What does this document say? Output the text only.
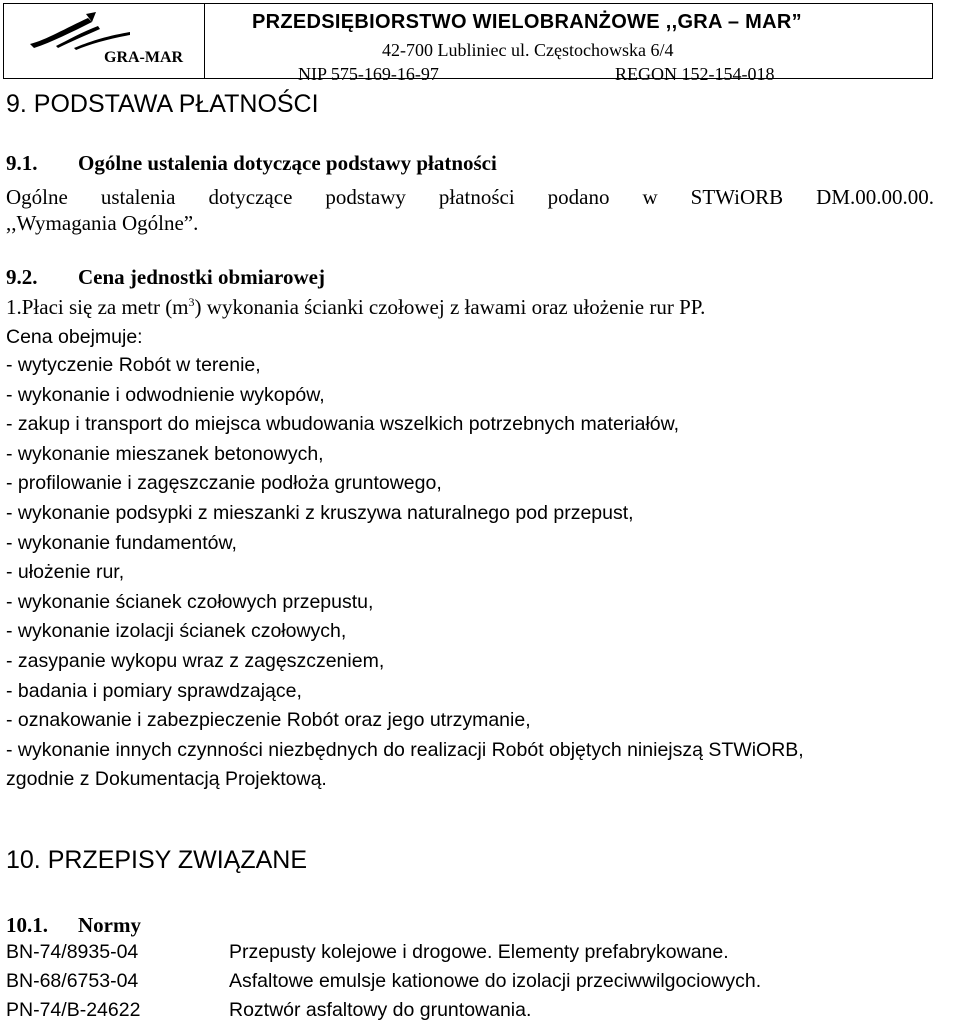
GRA-MAR
PRZEDSIĘBIORSTWO WIELOBRANŻOWE ,,GRA – MAR”
42-700 Lubliniec ul. Częstochowska 6/4
NIP 575-169-16-97	REGON 152-154-018
9. PODSTAWA PŁATNOŚCI
9.1. Ogólne ustalenia dotyczące podstawy płatności
Ogólne ustalenia dotyczące podstawy płatności podano w STWiORB DM.00.00.00.
,,Wymagania Ogólne”.
9.2. Cena jednostki obmiarowej
1.Płaci się za metr $(m^3)$ wykonania ścianki czołowej z ławami oraz ułożenie rur PP.
Cena obejmuje:
- wytyczenie Robót w terenie,
- wykonanie i odwodnienie wykopów,
- zakup i transport do miejsca wbudowania wszelkich potrzebnych materiałów,
- wykonanie mieszanek betonowych,
- profilowanie i zagęszczanie podłoża gruntowego,
- wykonanie podsypki z mieszanki z kruszywa naturalnego pod przepust,
- wykonanie fundamentów,
- ułożenie rur,
- wykonanie ścianek czołowych przepustu,
- wykonanie izolacji ścianek czołowych,
- zasypanie wykopu wraz z zagęszczeniem,
- badania i pomiary sprawdzające,
- oznakowanie i zabezpieczenie Robót oraz jego utrzymanie,
- wykonanie innych czynności niezbędnych do realizacji Robót objętych niniejszą STWiORB,
zgodnie z Dokumentacją Projektową.
10. PRZEPISY ZWIĄZANE
10.1. Normy
BN-74/8935-04	Przepusty kolejowe i drogowe. Elementy prefabrykowane.
BN-68/6753-04	Asfaltowe emulsje kationowe do izolacji przeciwwilgociowych.
PN-74/B-24622	Roztwór asfaltowy do gruntowania.
